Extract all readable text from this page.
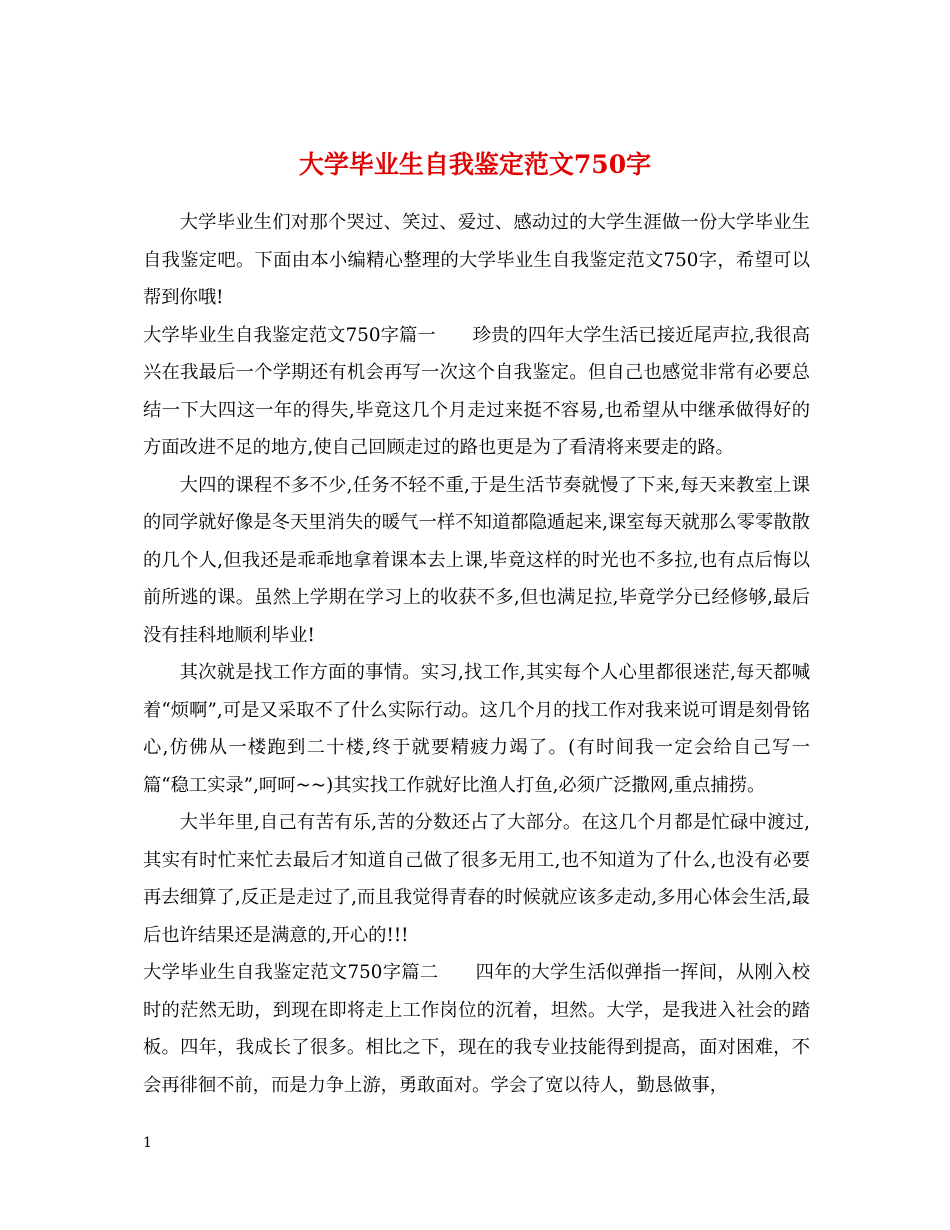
大学毕业生自我鉴定范文750字

大学毕业生们对那个哭过、笑过、爱过、感动过的大学生涯做一份大学毕业生自我鉴定吧。下面由本小编精心整理的大学毕业生自我鉴定范文750字，希望可以帮到你哦!

大学毕业生自我鉴定范文750字篇一　　珍贵的四年大学生活已接近尾声拉,我很高兴在我最后一个学期还有机会再写一次这个自我鉴定。但自己也感觉非常有必要总结一下大四这一年的得失,毕竟这几个月走过来挺不容易,也希望从中继承做得好的方面改进不足的地方,使自己回顾走过的路也更是为了看清将来要走的路。

大四的课程不多不少,任务不轻不重,于是生活节奏就慢了下来,每天来教室上课的同学就好像是冬天里消失的暖气一样不知道都隐遁起来,课室每天就那么零零散散的几个人,但我还是乖乖地拿着课本去上课,毕竟这样的时光也不多拉,也有点后悔以前所逃的课。虽然上学期在学习上的收获不多,但也满足拉,毕竟学分已经修够,最后没有挂科地顺利毕业!

其次就是找工作方面的事情。实习,找工作,其实每个人心里都很迷茫,每天都喊着“烦啊”,可是又采取不了什么实际行动。这几个月的找工作对我来说可谓是刻骨铭心,仿佛从一楼跑到二十楼,终于就要精疲力竭了。(有时间我一定会给自己写一篇“稳工实录”,呵呵~~)其实找工作就好比渔人打鱼,必须广泛撒网,重点捕捞。

大半年里,自己有苦有乐,苦的分数还占了大部分。在这几个月都是忙碌中渡过,其实有时忙来忙去最后才知道自己做了很多无用工,也不知道为了什么,也没有必要再去细算了,反正是走过了,而且我觉得青春的时候就应该多走动,多用心体会生活,最后也许结果还是满意的,开心的!!!

大学毕业生自我鉴定范文750字篇二　　四年的大学生活似弹指一挥间，从刚入校时的茫然无助，到现在即将走上工作岗位的沉着，坦然。大学，是我进入社会的踏板。四年，我成长了很多。相比之下，现在的我专业技能得到提高，面对困难，不会再徘徊不前，而是力争上游，勇敢面对。学会了宽以待人，勤恳做事，

1
